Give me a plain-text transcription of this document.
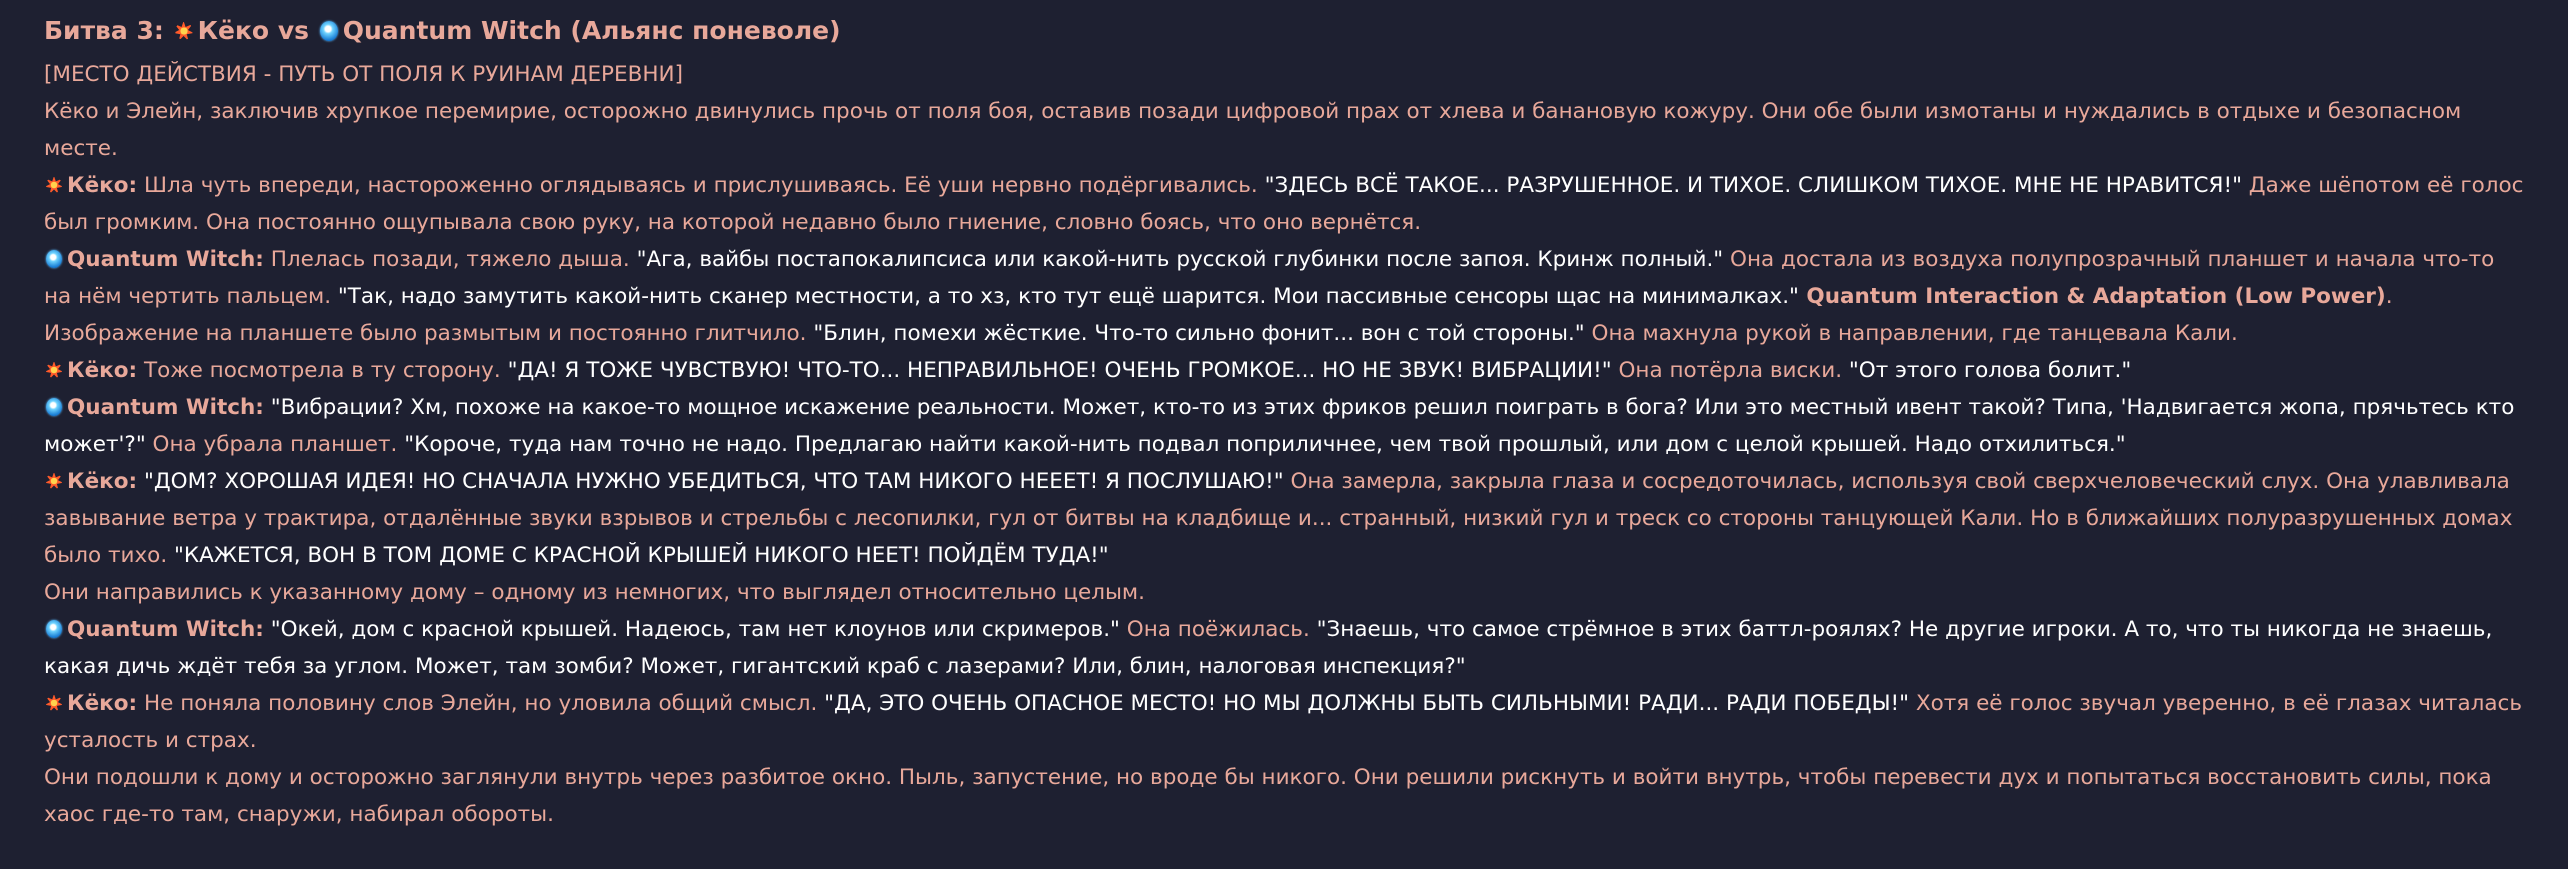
Битва 3: Кёко vs Quantum Witch (Альянс поневоле)

[МЕСТО ДЕЙСТВИЯ - ПУТЬ ОТ ПОЛЯ К РУИНАМ ДЕРЕВНИ]

Кёко и Элейн, заключив хрупкое перемирие, осторожно двинулись прочь от поля боя, оставив позади цифровой прах от хлева и банановую кожуру. Они обе были измотаны и нуждались в отдыхе и безопасном месте.

Кёко: Шла чуть впереди, настороженно оглядываясь и прислушиваясь. Её уши нервно подёргивались. "ЗДЕСЬ ВСЁ ТАКОЕ... РАЗРУШЕННОЕ. И ТИХОЕ. СЛИШКОМ ТИХОЕ. МНЕ НЕ НРАВИТСЯ!" Даже шёпотом её голос был громким. Она постоянно ощупывала свою руку, на которой недавно было гниение, словно боясь, что оно вернётся.

Quantum Witch: Плелась позади, тяжело дыша. "Ага, вайбы постапокалипсиса или какой-нить русской глубинки после запоя. Кринж полный." Она достала из воздуха полупрозрачный планшет и начала что-то на нём чертить пальцем. "Так, надо замутить какой-нить сканер местности, а то хз, кто тут ещё шарится. Мои пассивные сенсоры щас на минималках." Quantum Interaction & Adaptation (Low Power). Изображение на планшете было размытым и постоянно глитчило. "Блин, помехи жёсткие. Что-то сильно фонит... вон с той стороны." Она махнула рукой в направлении, где танцевала Кали.

Кёко: Тоже посмотрела в ту сторону. "ДА! Я ТОЖЕ ЧУВСТВУЮ! ЧТО-ТО... НЕПРАВИЛЬНОЕ! ОЧЕНЬ ГРОМКОЕ... НО НЕ ЗВУК! ВИБРАЦИИ!" Она потёрла виски. "От этого голова болит."

Quantum Witch: "Вибрации? Хм, похоже на какое-то мощное искажение реальности. Может, кто-то из этих фриков решил поиграть в бога? Или это местный ивент такой? Типа, 'Надвигается жопа, прячьтесь кто может'?" Она убрала планшет. "Короче, туда нам точно не надо. Предлагаю найти какой-нить подвал поприличнее, чем твой прошлый, или дом с целой крышей. Надо отхилиться."

Кёко: "ДОМ? ХОРОШАЯ ИДЕЯ! НО СНАЧАЛА НУЖНО УБЕДИТЬСЯ, ЧТО ТАМ НИКОГО НЕЕЕТ! Я ПОСЛУШАЮ!" Она замерла, закрыла глаза и сосредоточилась, используя свой сверхчеловеческий слух. Она улавливала завывание ветра у трактира, отдалённые звуки взрывов и стрельбы с лесопилки, гул от битвы на кладбище и... странный, низкий гул и треск со стороны танцующей Кали. Но в ближайших полуразрушенных домах было тихо. "КАЖЕТСЯ, ВОН В ТОМ ДОМЕ С КРАСНОЙ КРЫШЕЙ НИКОГО НЕЕТ! ПОЙДЁМ ТУДА!"

Они направились к указанному дому – одному из немногих, что выглядел относительно целым.

Quantum Witch: "Окей, дом с красной крышей. Надеюсь, там нет клоунов или скримеров." Она поёжилась. "Знаешь, что самое стрёмное в этих баттл-роялях? Не другие игроки. А то, что ты никогда не знаешь, какая дичь ждёт тебя за углом. Может, там зомби? Может, гигантский краб с лазерами? Или, блин, налоговая инспекция?"

Кёко: Не поняла половину слов Элейн, но уловила общий смысл. "ДА, ЭТО ОЧЕНЬ ОПАСНОЕ МЕСТО! НО МЫ ДОЛЖНЫ БЫТЬ СИЛЬНЫМИ! РАДИ... РАДИ ПОБЕДЫ!" Хотя её голос звучал уверенно, в её глазах читалась усталость и страх.

Они подошли к дому и осторожно заглянули внутрь через разбитое окно. Пыль, запустение, но вроде бы никого. Они решили рискнуть и войти внутрь, чтобы перевести дух и попытаться восстановить силы, пока хаос где-то там, снаружи, набирал обороты.
